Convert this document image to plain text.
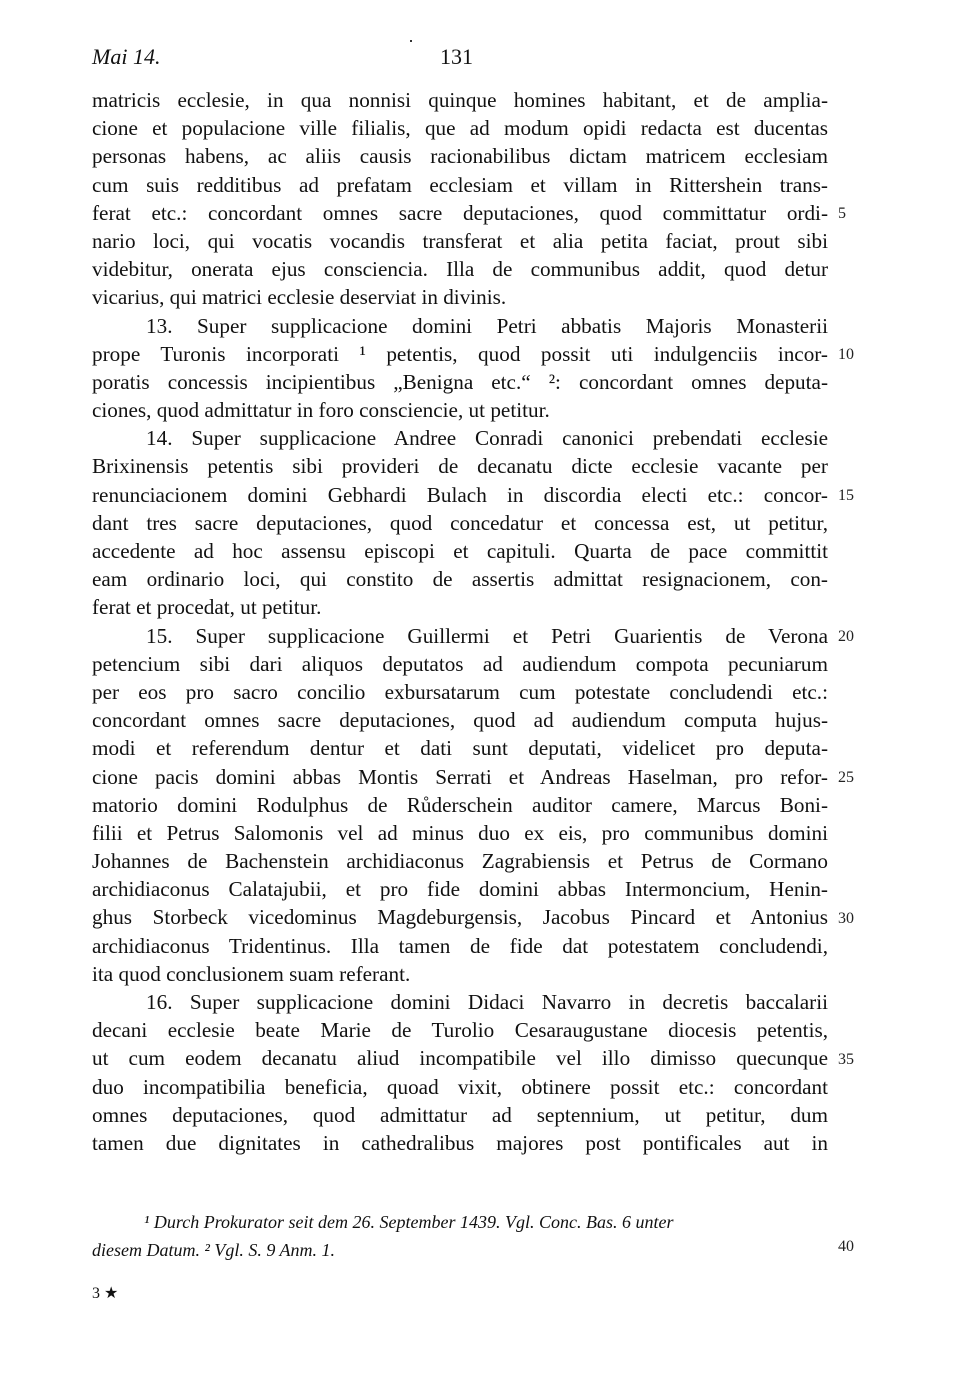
Mai 14.	131
matricis ecclesie, in qua nonnisi quinque homines habitant, et de amplia-
cione et populacione ville filialis, que ad modum opidi redacta est ducentas
personas habens, ac aliis causis racionabilibus dictam matricem ecclesiam
cum suis redditibus ad prefatam ecclesiam et villam in Rittershein trans-
ferat etc.: concordant omnes sacre deputaciones, quod committatur ordi-
nario loci, qui vocatis vocandis transferat et alia petita faciat, prout sibi
videbitur, onerata ejus consciencia. Illa de communibus addit, quod detur
vicarius, qui matrici ecclesie deserviat in divinis.
13. Super supplicacione domini Petri abbatis Majoris Monasterii
prope Turonis incorporati ¹ petentis, quod possit uti indulgenciis incor-
poratis concessis incipientibus „Benigna etc.“ ²: concordant omnes deputa-
ciones, quod admittatur in foro consciencie, ut petitur.
14. Super supplicacione Andree Conradi canonici prebendati ecclesie
Brixinensis petentis sibi provideri de decanatu dicte ecclesie vacante per
renunciacionem domini Gebhardi Bulach in discordia electi etc.: concor-
dant tres sacre deputaciones, quod concedatur et concessa est, ut petitur,
accedente ad hoc assensu episcopi et capituli. Quarta de pace committit
eam ordinario loci, qui constito de assertis admittat resignacionem, con-
ferat et procedat, ut petitur.
15. Super supplicacione Guillermi et Petri Guarientis de Verona
petencium sibi dari aliquos deputatos ad audiendum compota pecuniarum
per eos pro sacro concilio exbursatarum cum potestate concludendi etc.:
concordant omnes sacre deputaciones, quod ad audiendum computa hujus-
modi et referendum dentur et dati sunt deputati, videlicet pro deputa-
cione pacis domini abbas Montis Serrati et Andreas Haselman, pro refor-
matorio domini Rodulphus de Růderschein auditor camere, Marcus Boni-
filii et Petrus Salomonis vel ad minus duo ex eis, pro communibus domini
Johannes de Bachenstein archidiaconus Zagrabiensis et Petrus de Cormano
archidiaconus Calatajubii, et pro fide domini abbas Intermoncium, Henin-
ghus Storbeck vicedominus Magdeburgensis, Jacobus Pincard et Antonius
archidiaconus Tridentinus. Illa tamen de fide dat potestatem concludendi,
ita quod conclusionem suam referant.
16. Super supplicacione domini Didaci Navarro in decretis baccalarii
decani ecclesie beate Marie de Turolio Cesaraugustane diocesis petentis,
ut cum eodem decanatu aliud incompatibile vel illo dimisso quecunque
duo incompatibilia beneficia, quoad vixit, obtinere possit etc.: concordant
omnes deputaciones, quod admittatur ad septennium, ut petitur, dum
tamen due dignitates in cathedralibus majores post pontificales aut in
5
10
15
20
25
30
35
¹ Durch Prokurator seit dem 26. September 1439. Vgl. Conc. Bas. 6 unter
diesem Datum. ² Vgl. S. 9 Anm. 1.	40
3 ★
